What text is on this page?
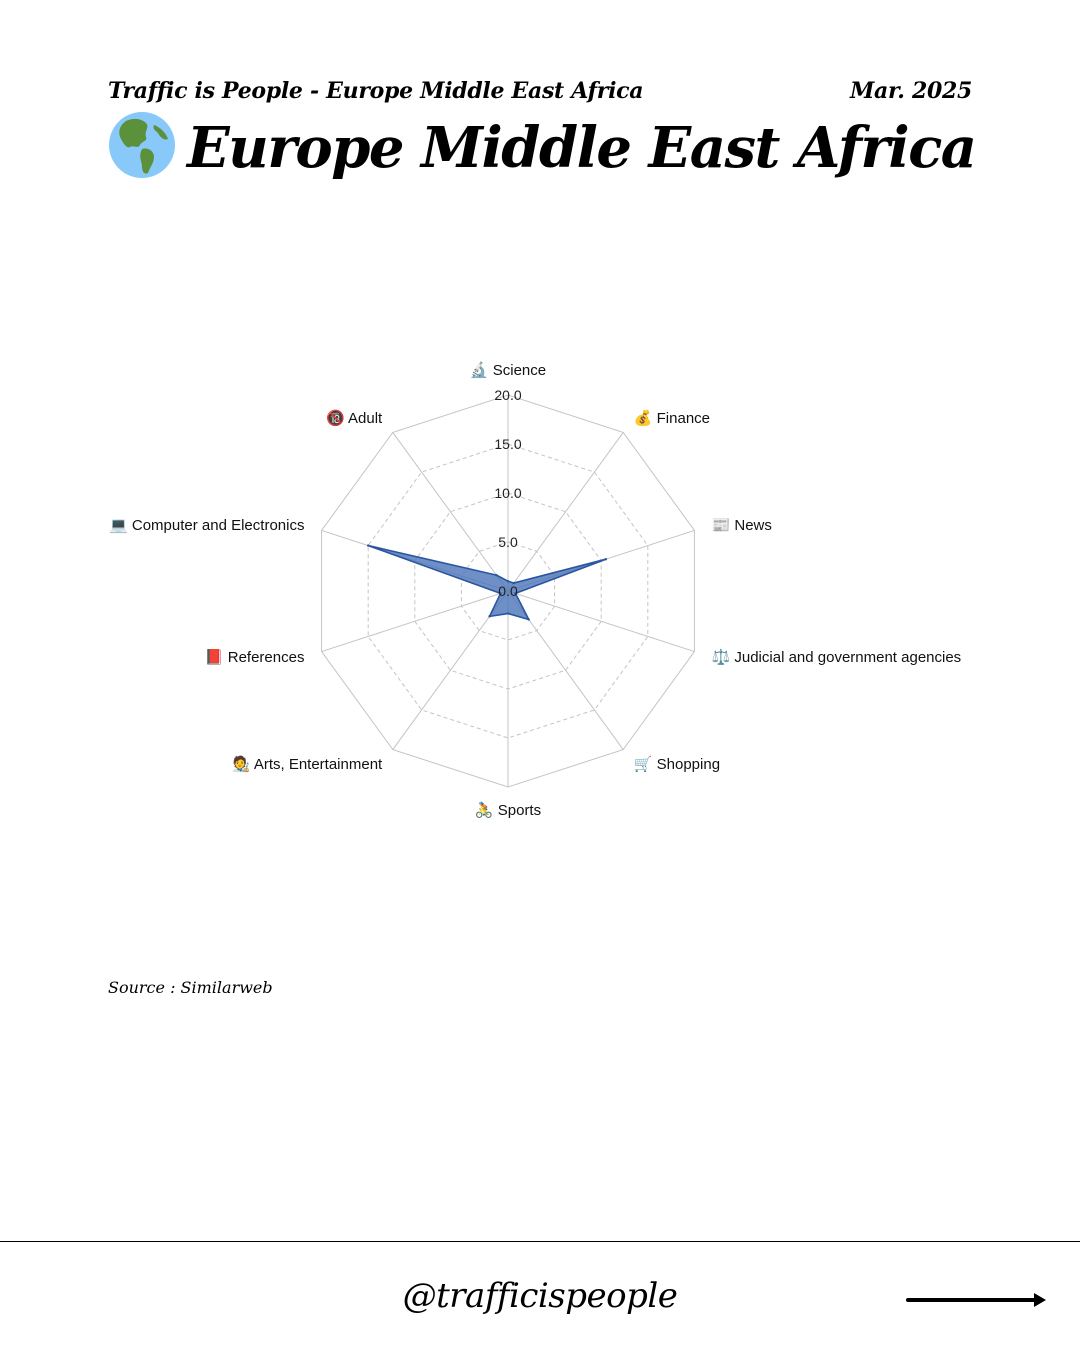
Traffic is People - Europe Middle East Africa	Mar. 2025
Europe Middle East Africa
0.0
5.0
10.0
15.0
20.0
🔬 Science
💰 Finance
📰 News
⚖️ Judicial and government agencies
🛒 Shopping
🚴 Sports
🧑‍🎨 Arts, Entertainment
📕 References
💻 Computer and Electronics
🔞 Adult
Source : Similarweb
@trafficispeople
